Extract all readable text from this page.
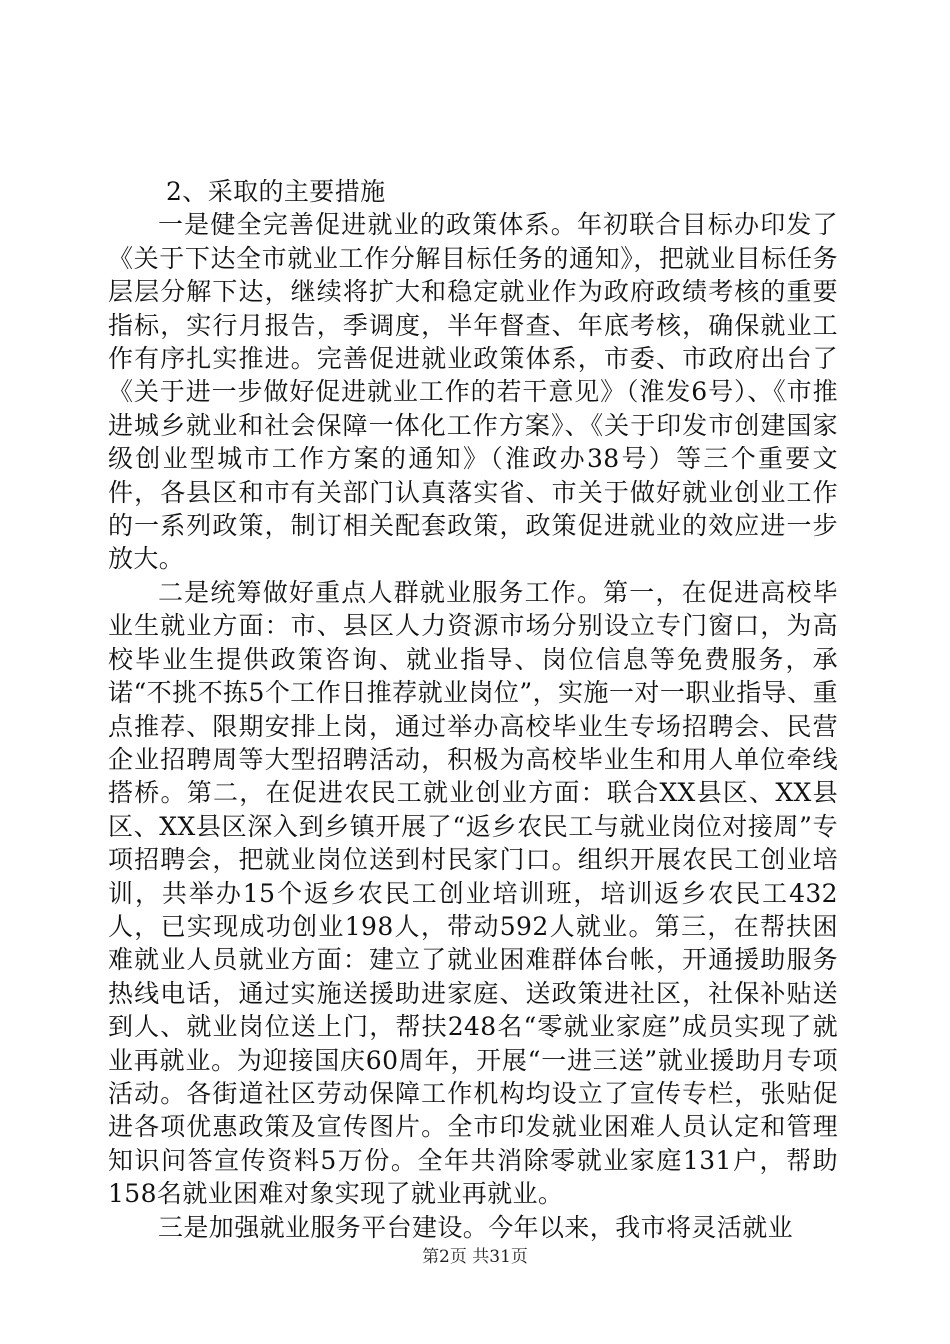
2、采取的主要措施

一是健全完善促进就业的政策体系。年初联合目标办印发了《关于下达全市就业工作分解目标任务的通知》，把就业目标任务层层分解下达，继续将扩大和稳定就业作为政府政绩考核的重要指标，实行月报告，季调度，半年督查、年底考核，确保就业工作有序扎实推进。完善促进就业政策体系，市委、市政府出台了《关于进一步做好促进就业工作的若干意见》（淮发6号）、《市推进城乡就业和社会保障一体化工作方案》、《关于印发市创建国家级创业型城市工作方案的通知》（淮政办38号）等三个重要文件，各县区和市有关部门认真落实省、市关于做好就业创业工作的一系列政策，制订相关配套政策，政策促进就业的效应进一步放大。

二是统筹做好重点人群就业服务工作。第一，在促进高校毕业生就业方面：市、县区人力资源市场分别设立专门窗口，为高校毕业生提供政策咨询、就业指导、岗位信息等免费服务，承诺“不挑不拣5个工作日推荐就业岗位”，实施一对一职业指导、重点推荐、限期安排上岗，通过举办高校毕业生专场招聘会、民营企业招聘周等大型招聘活动，积极为高校毕业生和用人单位牵线搭桥。第二，在促进农民工就业创业方面：联合XX县区、XX县区、XX县区深入到乡镇开展了“返乡农民工与就业岗位对接周”专项招聘会，把就业岗位送到村民家门口。组织开展农民工创业培训，共举办15个返乡农民工创业培训班，培训返乡农民工432人，已实现成功创业198人，带动592人就业。第三，在帮扶困难就业人员就业方面：建立了就业困难群体台帐，开通援助服务热线电话，通过实施送援助进家庭、送政策进社区，社保补贴送到人、就业岗位送上门，帮扶248名“零就业家庭”成员实现了就业再就业。为迎接国庆60周年，开展“一进三送”就业援助月专项活动。各街道社区劳动保障工作机构均设立了宣传专栏，张贴促进各项优惠政策及宣传图片。全市印发就业困难人员认定和管理知识问答宣传资料5万份。全年共消除零就业家庭131户，帮助158名就业困难对象实现了就业再就业。

三是加强就业服务平台建设。今年以来，我市将灵活就业

第2页 共31页
